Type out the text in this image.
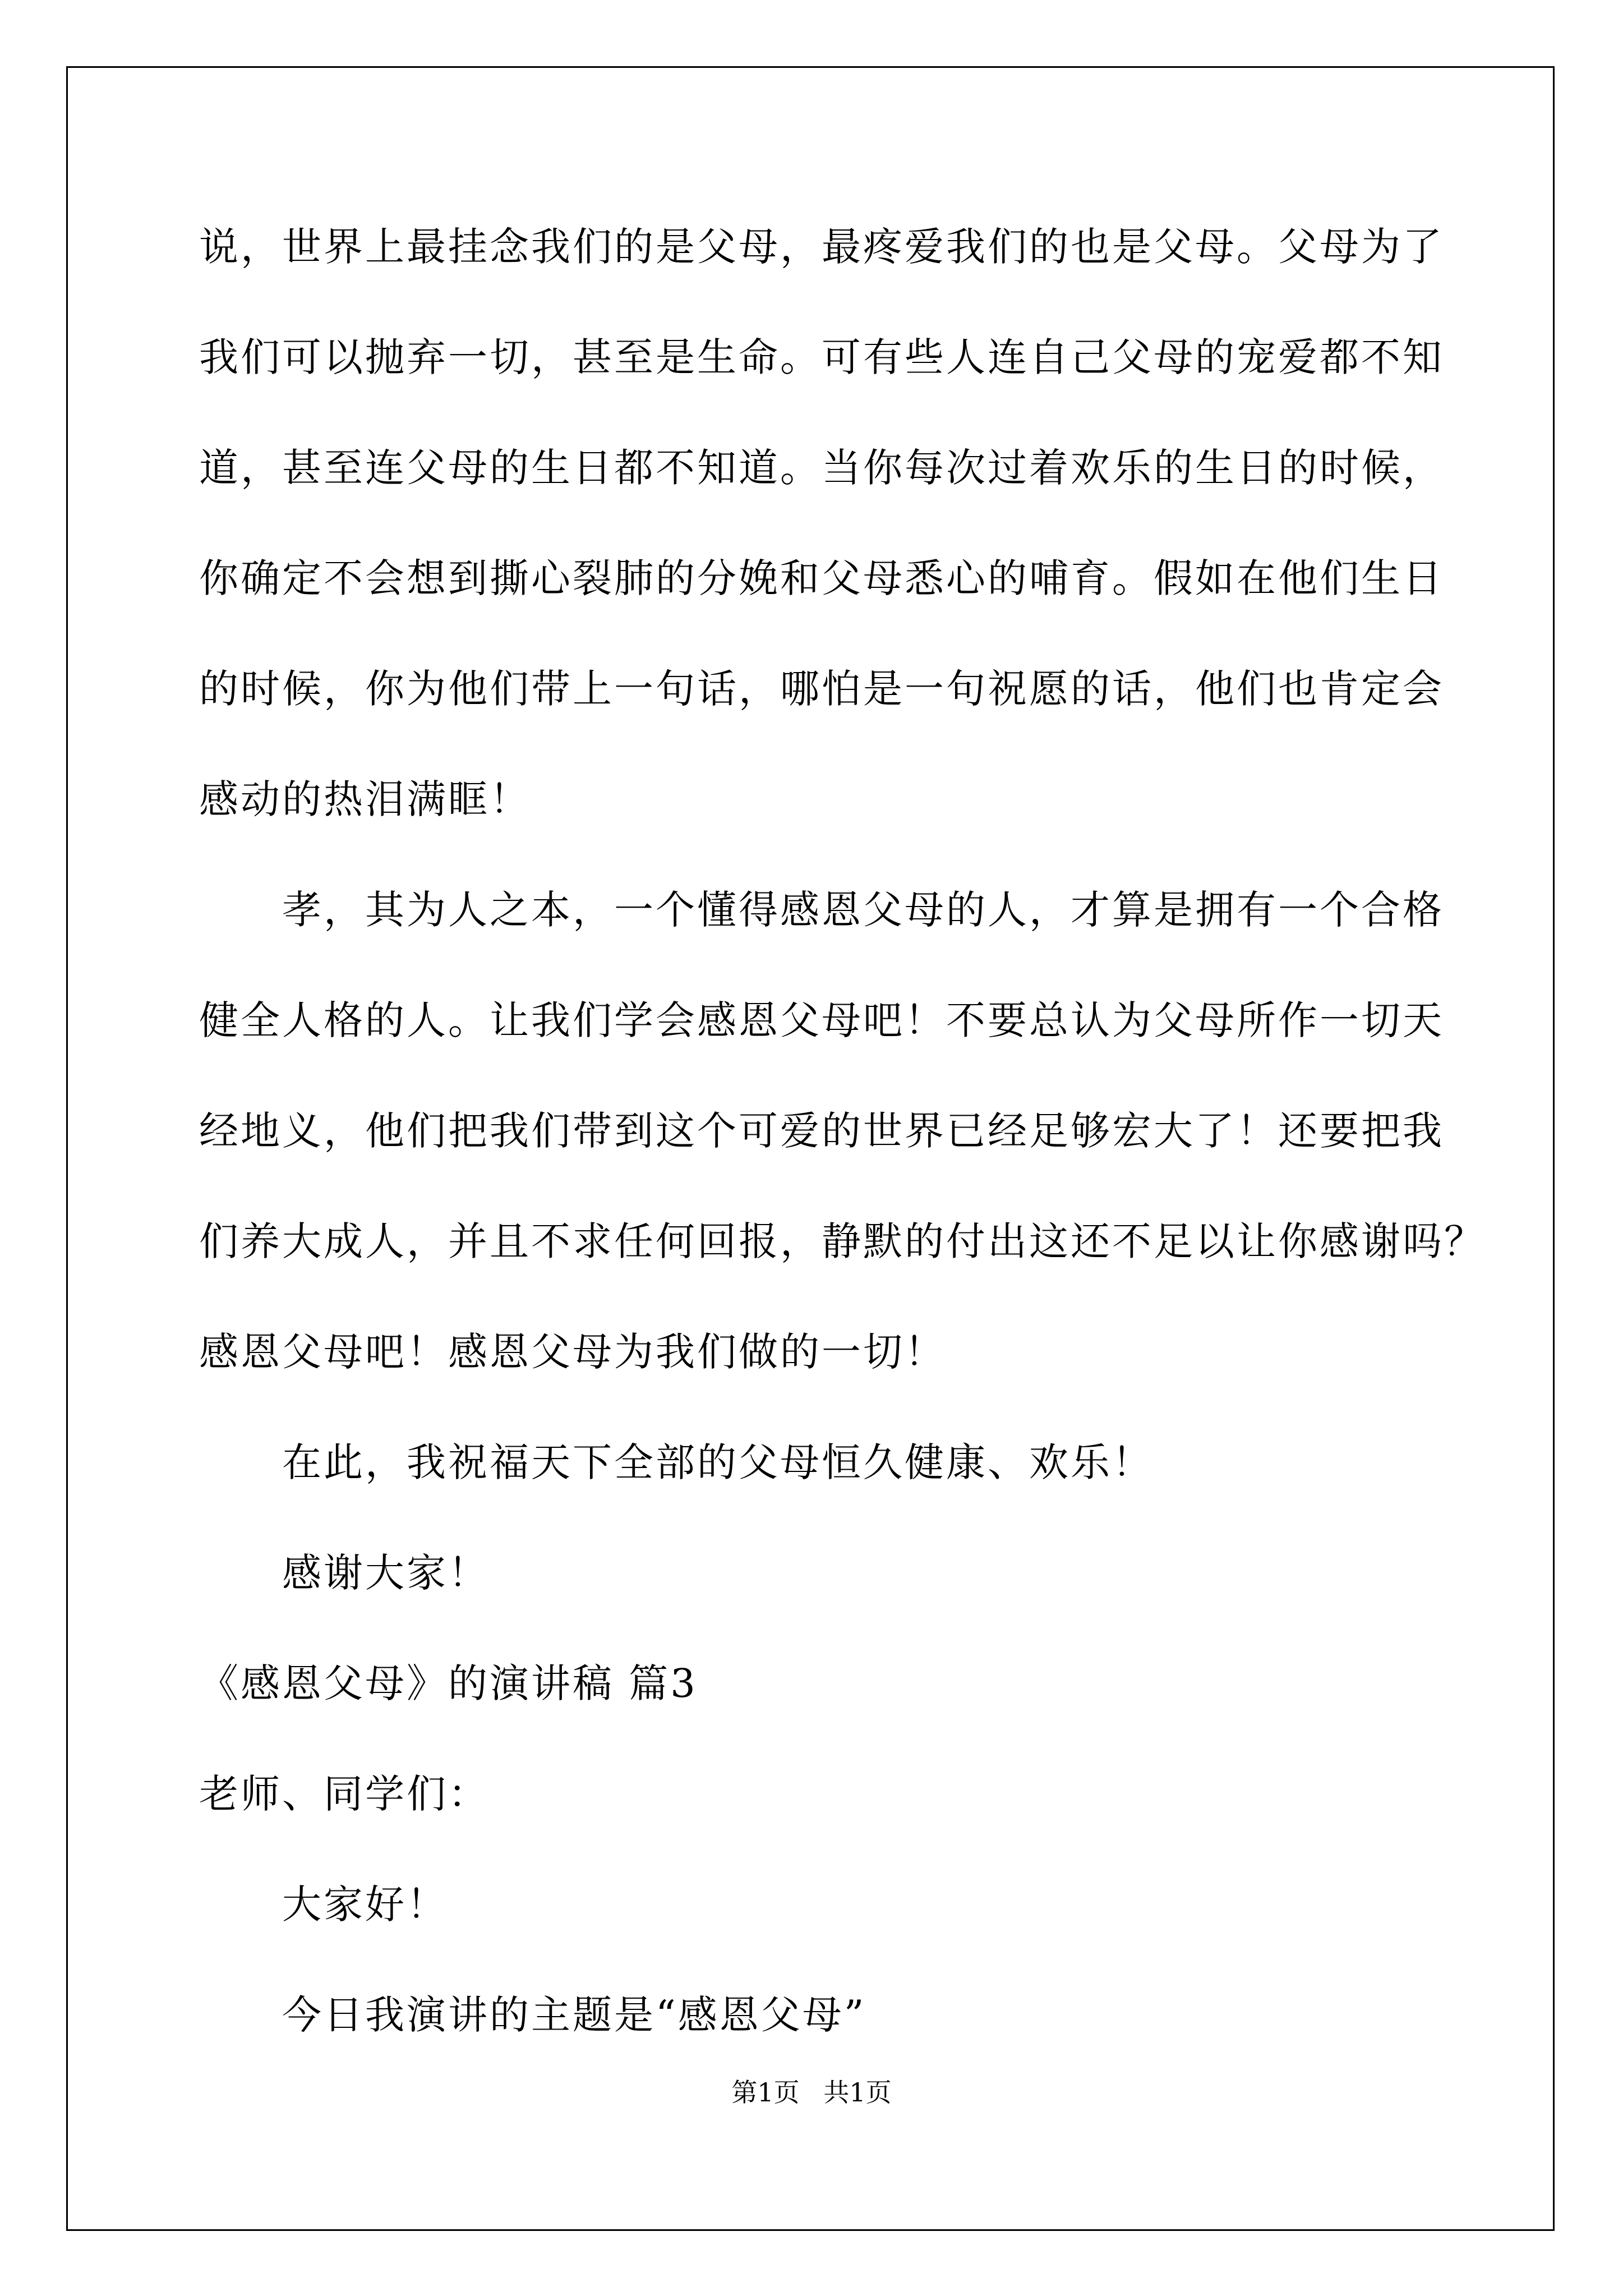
说，世界上最挂念我们的是父母，最疼爱我们的也是父母。父母为了
我们可以抛弃一切，甚至是生命。可有些人连自己父母的宠爱都不知
道，甚至连父母的生日都不知道。当你每次过着欢乐的生日的时候，
你确定不会想到撕心裂肺的分娩和父母悉心的哺育。假如在他们生日
的时候，你为他们带上一句话，哪怕是一句祝愿的话，他们也肯定会
感动的热泪满眶！
孝，其为人之本，一个懂得感恩父母的人，才算是拥有一个合格
健全人格的人。让我们学会感恩父母吧！不要总认为父母所作一切天
经地义，他们把我们带到这个可爱的世界已经足够宏大了！还要把我
们养大成人，并且不求任何回报，静默的付出这还不足以让你感谢吗？
感恩父母吧！感恩父母为我们做的一切！
在此，我祝福天下全部的父母恒久健康、欢乐！
感谢大家！
《感恩父母》的演讲稿 篇3
老师、同学们：
大家好！
今日我演讲的主题是“感恩父母”
第1页 共1页
